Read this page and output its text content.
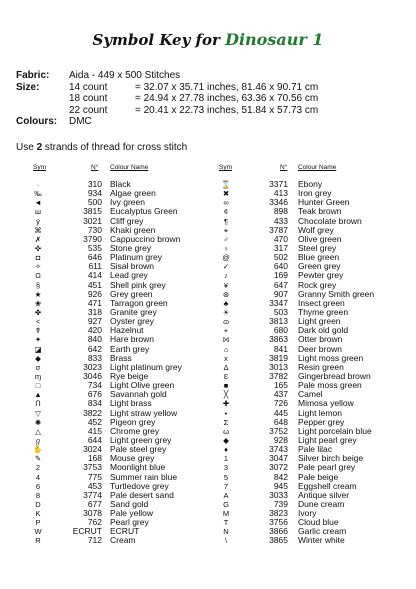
Symbol Key for Dinosaur 1
Fabric:	Aida - 449 x 500 Stitches
Size:	14 count	= 32.07 x 35.71 inches, 81.46 x 90.71 cm
18 count	= 24.94 x 27.78 inches, 63.36 x 70.56 cm
22 count	= 20.41 x 22.73 inches, 51.84 x 57.73 cm
Colours:	DMC
Use 2 strands of thread for cross stitch
Sym	N° Colour Name	Sym	N° Colour Name
·	310 Black	⌛	3371 Ebony
‰	934 Algae green	✖	413 Iron grey
◄	500 Ivy green	∞	3346 Hunter Green
ш	3815 Eucalyptus Green	¢	898 Teak brown
ÿ	3021 Cliff grey	¶	433 Chocolate brown
⌘	730 Khaki green	⌖	3787 Wolf grey
✗	3790 Cappuccino brown	♂	470 Olive green
✜	535 Stone grey	♀	317 Steel grey
◘	646 Platinum grey	@	502 Blue green
✧	611 Sisal brown	✓	640 Green grey
Ω	414 Lead grey	♪	169 Pewter grey
§	451 Shell pink grey	¥	647 Rock grey
★	926 Grey green	⊛	907 Granny Smith green
❀	471 Tarragon green	♣	3347 Insect green
✤	318 Granite grey	☀	503 Thyme green
<	927 Oyster grey	ɷ	3813 Light green
☤	420 Hazelnut	+	680 Dark old gold
✦	840 Hare brown	⨝	3863 Otter brown
◪	642 Earth grey	⌂	841 Deer brown
◆	833 Brass	x	3819 Light moss green
σ	3023 Light platinum grey	∆	3013 Resin green
ɱ	3046 Rye beige	Ɛ	3782 Gingerbread brown
□	734 Light Olive green	■	165 Pale moss green
▲	676 Savannah gold	╳	437 Camel
Ո	834 Light brass	✚	726 Mimosa yellow
▽	3822 Light straw yellow	•	445 Light lemon
✺	452 Pigeon grey	Σ	648 Pepper grey
△	415 Chrome grey	ω	3752 Light porcelain blue
ℊ	644 Light green grey	◆	928 Light pearl grey
✋	3024 Pale steel grey	♦	3743 Pale lilac
✎	168 Mouse grey	1	3047 Silver birch beige
2	3753 Moonlight blue	3	3072 Pale pearl grey
4	775 Summer rain blue	5	842 Pale beige
6	453 Turtledove grey	7	945 Eggshell cream
8	3774 Pale desert sand	A	3033 Antique silver
D	677 Sand gold	G	739 Dune cream
K	3078 Pale yellow	M	3823 Ivory
P	762 Pearl grey	T	3756 Cloud blue
W	ECRUT ECRUT	N	3866 Garlic cream
R	712 Cream	\	3865 Winter white
